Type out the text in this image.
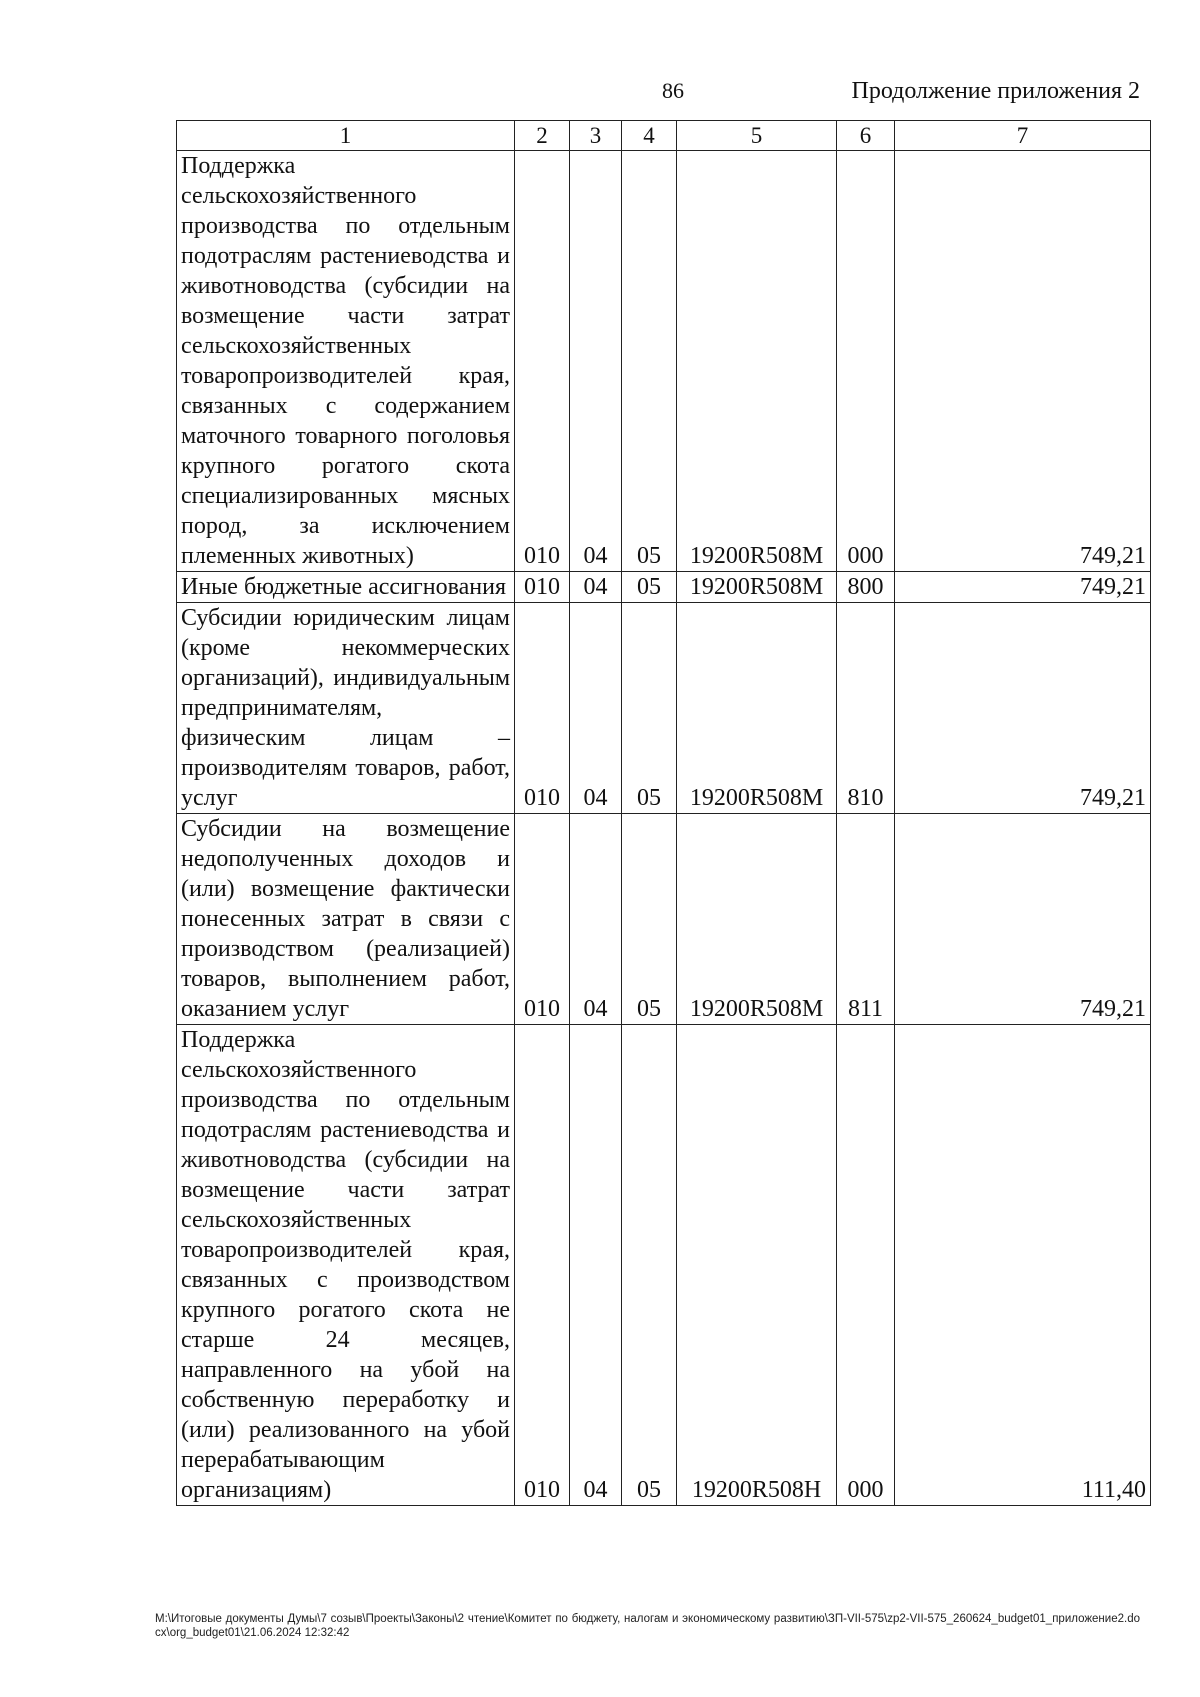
86	Продолжение приложения 2
1	2	3	4	5	6	7
Поддержка сельскохозяйственного производства по отдельным подотраслям растениеводства и животноводства (субсидии на возмещение части затрат сельскохозяйственных товаропроизводителей края, связанных с содержанием маточного товарного поголовья крупного рогатого скота специализированных мясных пород, за исключением племенных животных)	010	04	05	19200R508M	000	749,21
Иные бюджетные ассигнования	010	04	05	19200R508M	800	749,21
Субсидии юридическим лицам (кроме некоммерческих организаций), индивидуальным предпринимателям, физическим лицам – производителям товаров, работ, услуг	010	04	05	19200R508M	810	749,21
Субсидии на возмещение недополученных доходов и (или) возмещение фактически понесенных затрат в связи с производством (реализацией) товаров, выполнением работ, оказанием услуг	010	04	05	19200R508M	811	749,21
Поддержка сельскохозяйственного производства по отдельным подотраслям растениеводства и животноводства (субсидии на возмещение части затрат сельскохозяйственных товаропроизводителей края, связанных с производством крупного рогатого скота не старше 24 месяцев, направленного на убой на собственную переработку и (или) реализованного на убой перерабатывающим организациям)	010	04	05	19200R508H	000	111,40
М:\Итоговые документы Думы\7 созыв\Проекты\Законы\2 чтение\Комитет по бюджету, налогам и экономическому развитию\ЗП-VII-575\zp2-VII-575_260624_budget01_приложение2.docx\org_budget01\21.06.2024 12:32:42
